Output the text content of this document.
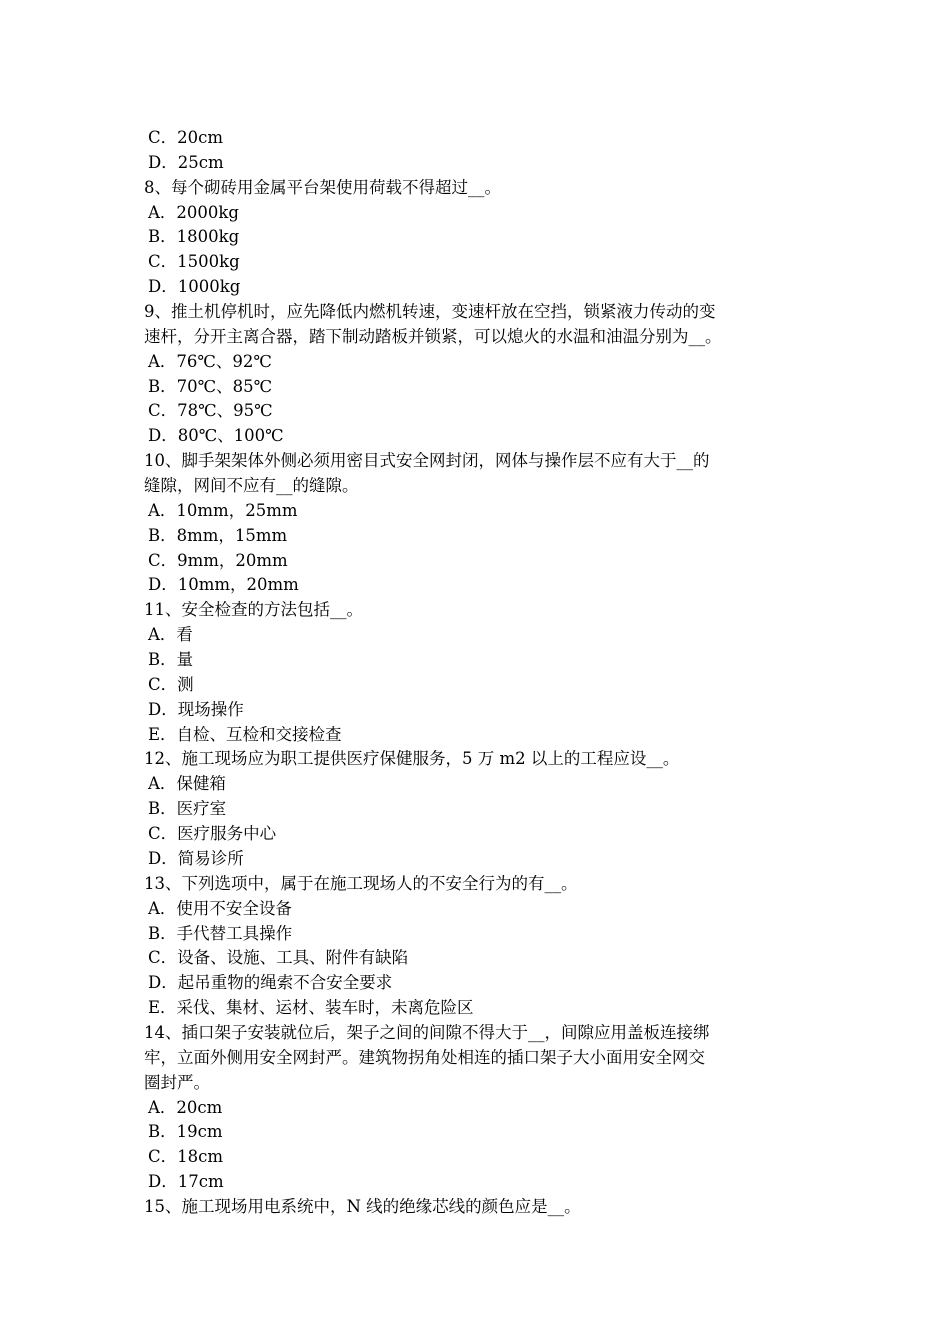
C．20cm
D．25cm
8、每个砌砖用金属平台架使用荷载不得超过__。
A．2000kg
B．1800kg
C．1500kg
D．1000kg
9、推土机停机时，应先降低内燃机转速，变速杆放在空挡，锁紧液力传动的变
速杆，分开主离合器，踏下制动踏板并锁紧，可以熄火的水温和油温分别为__。
A．76℃、92℃
B．70℃、85℃
C．78℃、95℃
D．80℃、100℃
10、脚手架架体外侧必须用密目式安全网封闭，网体与操作层不应有大于__的
缝隙，网间不应有__的缝隙。
A．10mm，25mm
B．8mm，15mm
C．9mm，20mm
D．10mm，20mm
11、安全检查的方法包括__。
A．看
B．量
C．测
D．现场操作
E．自检、互检和交接检查
12、施工现场应为职工提供医疗保健服务，5 万 m2 以上的工程应设__。
A．保健箱
B．医疗室
C．医疗服务中心
D．简易诊所
13、下列选项中，属于在施工现场人的不安全行为的有__。
A．使用不安全设备
B．手代替工具操作
C．设备、设施、工具、附件有缺陷
D．起吊重物的绳索不合安全要求
E．采伐、集材、运材、装车时，未离危险区
14、插口架子安装就位后，架子之间的间隙不得大于__，间隙应用盖板连接绑
牢，立面外侧用安全网封严。建筑物拐角处相连的插口架子大小面用安全网交
圈封严。
A．20cm
B．19cm
C．18cm
D．17cm
15、施工现场用电系统中，N 线的绝缘芯线的颜色应是__。
